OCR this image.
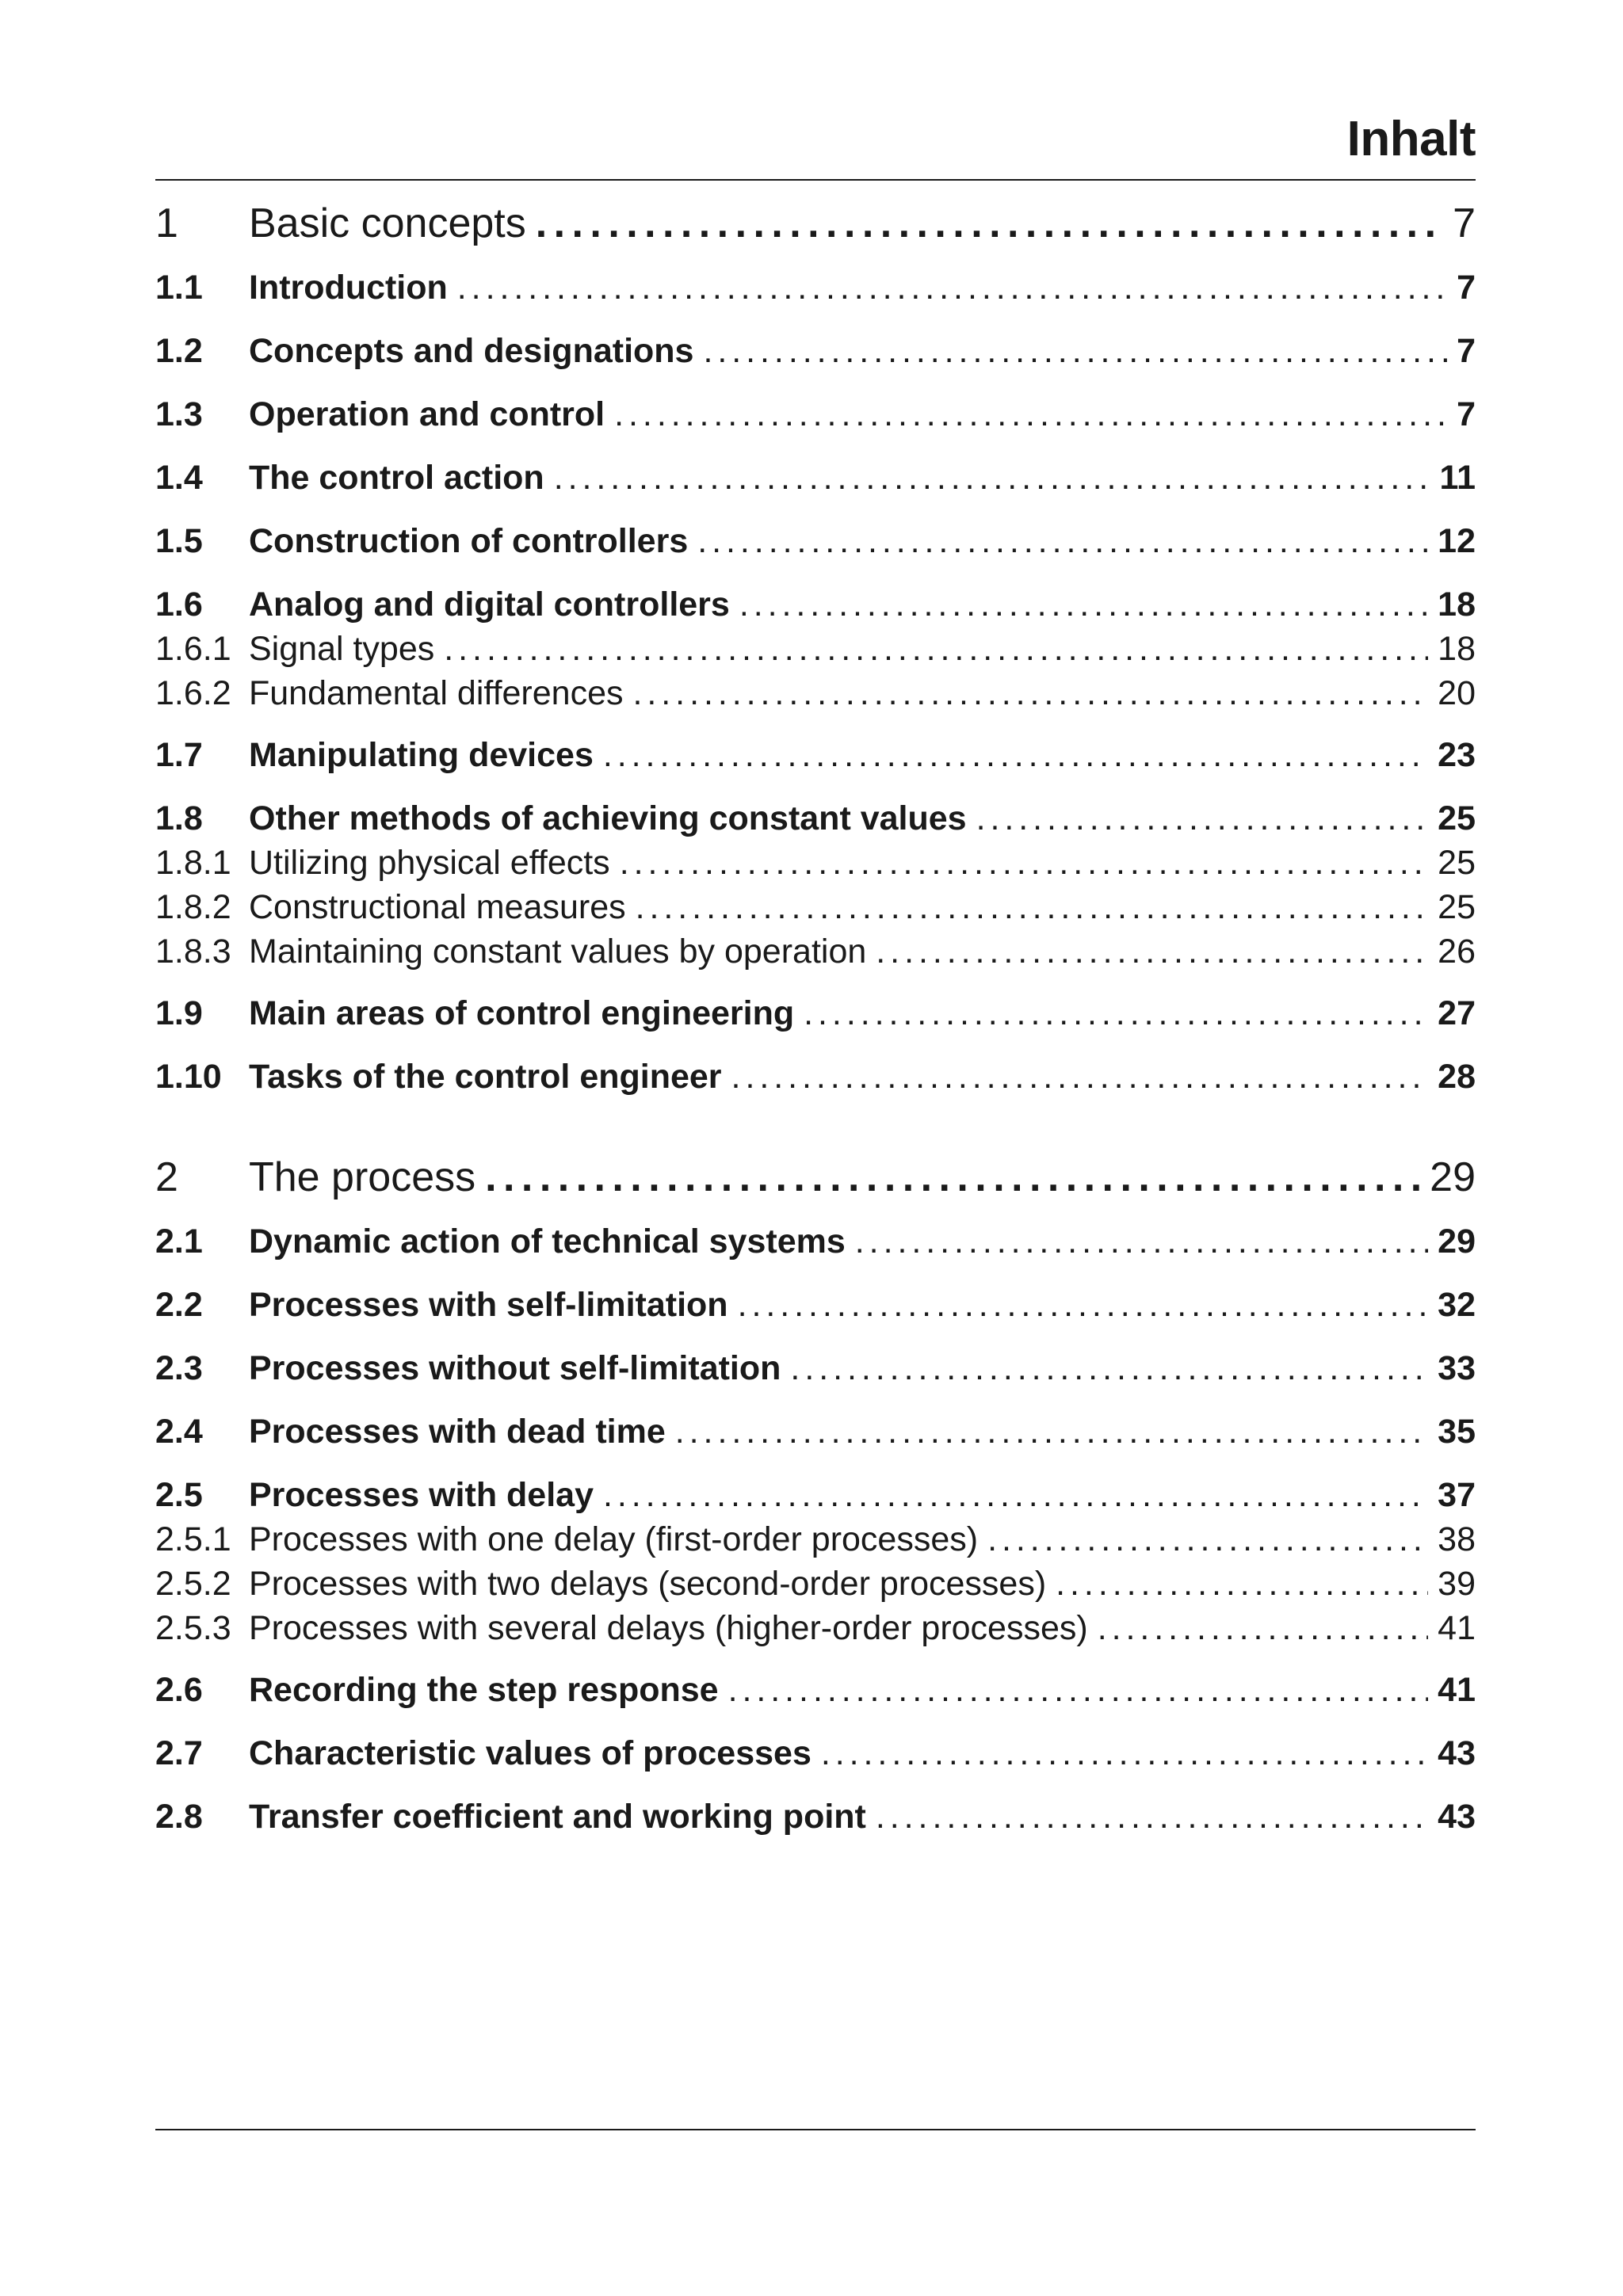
Inhalt
1	Basic concepts . . .	7
1.1	Introduction . . .	7
1.2	Concepts and designations . . .	7
1.3	Operation and control . . .	7
1.4	The control action . . .	11
1.5	Construction of controllers . . .	12
1.6	Analog and digital controllers . . .	18
1.6.1 Signal types . . .	18
1.6.2 Fundamental differences . . .	20
1.7	Manipulating devices . . .	23
1.8	Other methods of achieving constant values . . .	25
1.8.1 Utilizing physical effects . . .	25
1.8.2 Constructional measures . . .	25
1.8.3 Maintaining constant values by operation . . .	26
1.9	Main areas of control engineering . . .	27
1.10 Tasks of the control engineer . . .	28
2	The process . . .	29
2.1	Dynamic action of technical systems . . .	29
2.2	Processes with self-limitation . . .	32
2.3	Processes without self-limitation . . .	33
2.4	Processes with dead time . . .	35
2.5	Processes with delay . . .	37
2.5.1 Processes with one delay (first-order processes) . . .	38
2.5.2 Processes with two delays (second-order processes) . . .	39
2.5.3 Processes with several delays (higher-order processes) . . .	41
2.6	Recording the step response . . .	41
2.7	Characteristic values of processes . . .	43
2.8	Transfer coefficient and working point . . .	43
